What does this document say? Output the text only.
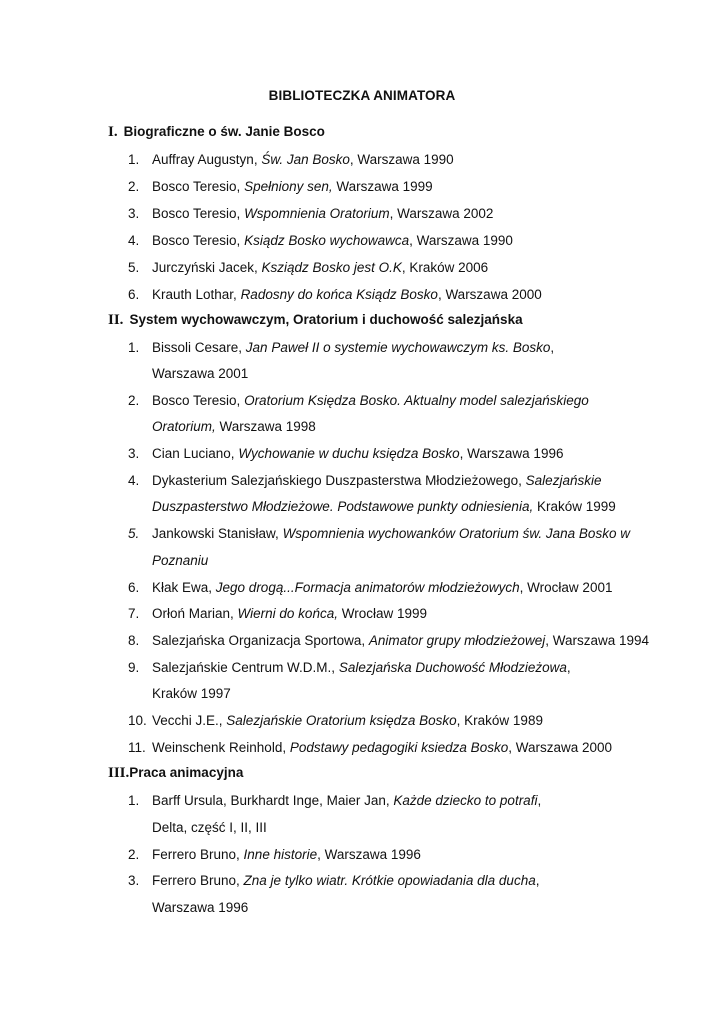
BIBLIOTECZKA ANIMATORA
I. Biograficzne o św. Janie Bosco
1. Auffray Augustyn, Św. Jan Bosko, Warszawa 1990
2. Bosco Teresio, Spełniony sen, Warszawa 1999
3. Bosco Teresio, Wspomnienia Oratorium, Warszawa 2002
4. Bosco Teresio, Ksiądz Bosko wychowawca, Warszawa 1990
5. Jurczyński Jacek, Ksziądz Bosko jest O.K, Kraków 2006
6. Krauth Lothar, Radosny do końca Ksiądz Bosko, Warszawa 2000
II. System wychowawczym, Oratorium i duchowość salezjańska
1. Bissoli Cesare, Jan Paweł II o systemie wychowawczym ks. Bosko,
Warszawa 2001
2. Bosco Teresio, Oratorium Księdza Bosko. Aktualny model salezjańskiego
Oratorium, Warszawa 1998
3. Cian Luciano, Wychowanie w duchu księdza Bosko, Warszawa 1996
4. Dykasterium Salezjańskiego Duszpasterstwa Młodzieżowego, Salezjańskie
Duszpasterstwo Młodzieżowe. Podstawowe punkty odniesienia, Kraków 1999
5. Jankowski Stanisław, Wspomnienia wychowanków Oratorium św. Jana Bosko w
Poznaniu
6. Kłak Ewa, Jego drogą...Formacja animatorów młodzieżowych, Wrocław 2001
7. Orłoń Marian, Wierni do końca, Wrocław 1999
8. Salezjańska Organizacja Sportowa, Animator grupy młodzieżowej, Warszawa 1994
9. Salezjańskie Centrum W.D.M., Salezjańska Duchowość Młodzieżowa,
Kraków 1997
10. Vecchi J.E., Salezjańskie Oratorium księdza Bosko, Kraków 1989
11. Weinschenk Reinhold, Podstawy pedagogiki ksiedza Bosko, Warszawa 2000
III.Praca animacyjna
1. Barff Ursula, Burkhardt Inge, Maier Jan, Każde dziecko to potrafi,
Delta, część I, II, III
2. Ferrero Bruno, Inne historie, Warszawa 1996
3. Ferrero Bruno, Zna je tylko wiatr. Krótkie opowiadania dla ducha,
Warszawa 1996
